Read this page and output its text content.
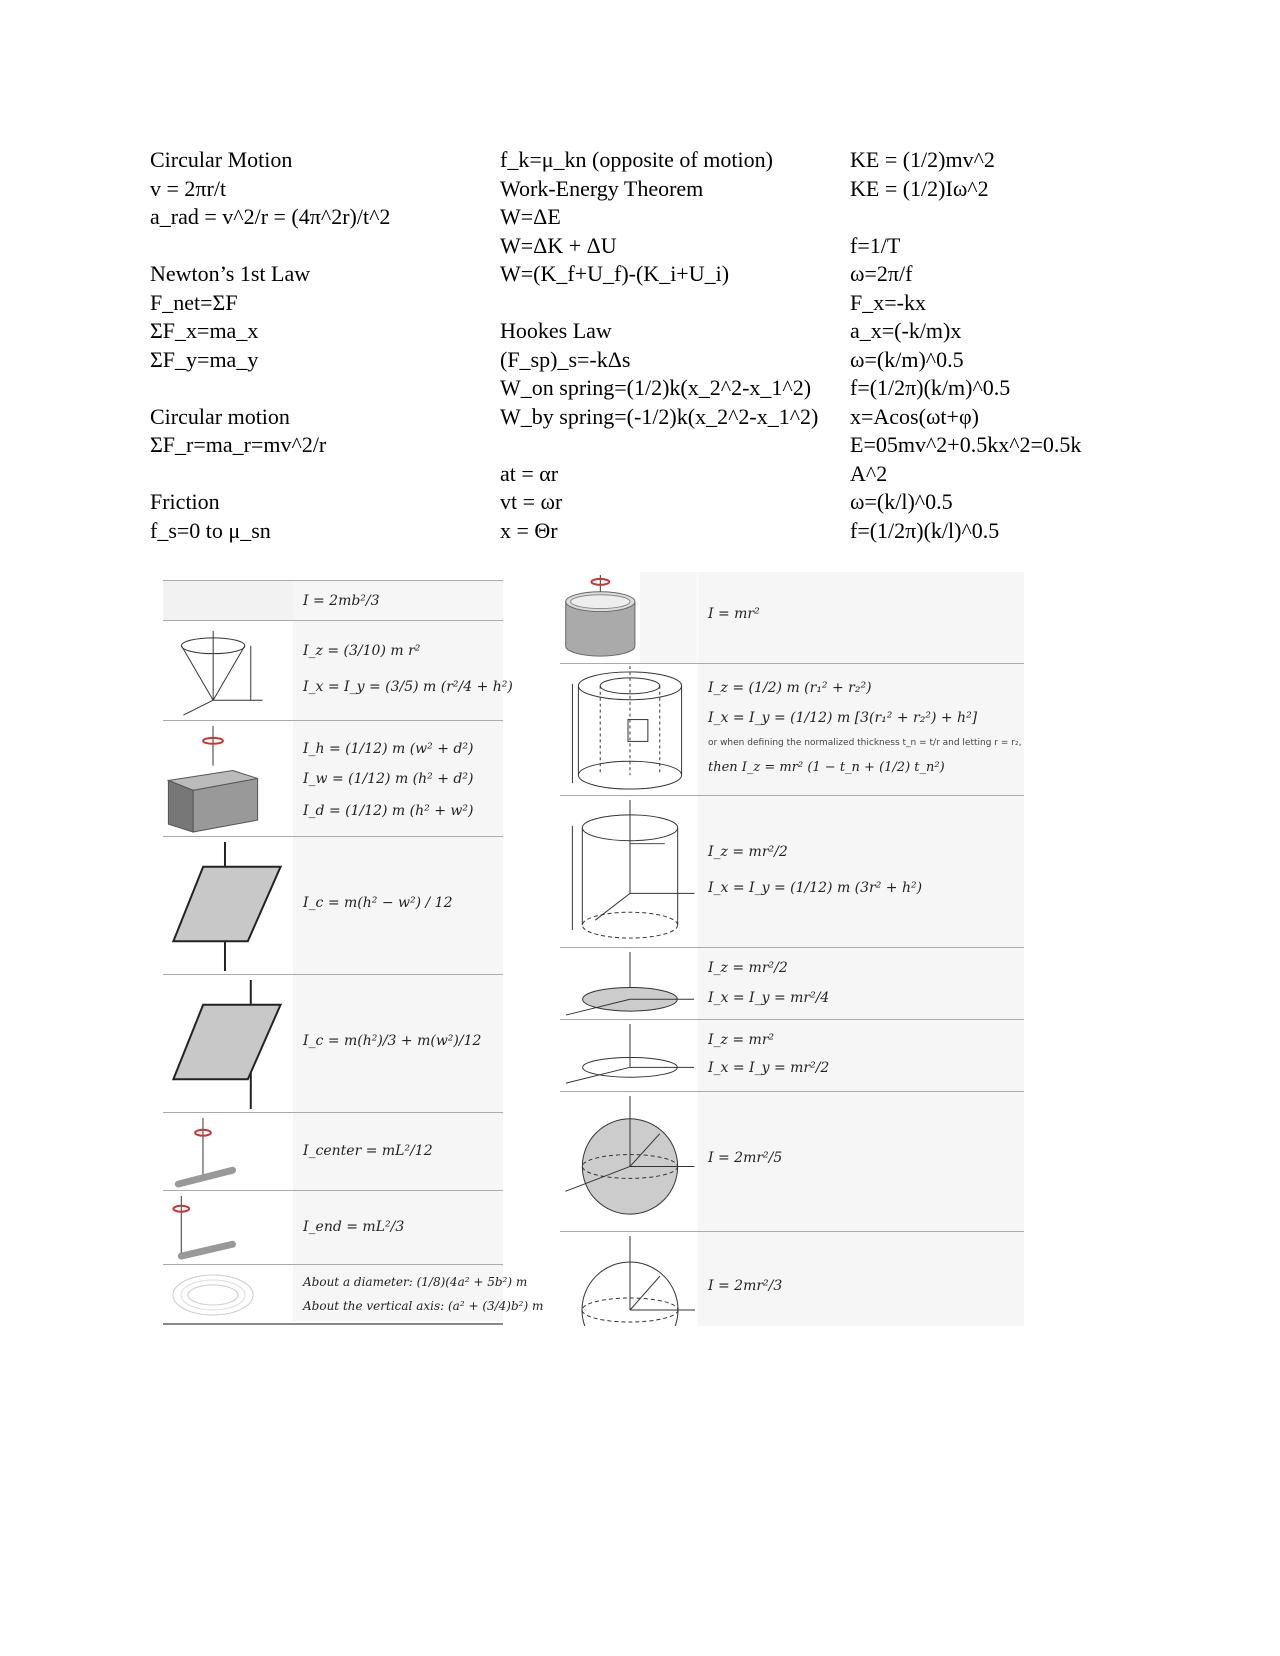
Circular Motion
v = 2πr/t
a_rad = v^2/r = (4π^2r)/t^2
Newton’s 1st Law
F_net=ΣF
ΣF_x=ma_x
ΣF_y=ma_y
Circular motion
ΣF_r=ma_r=mv^2/r
Friction
f_s=0 to μ_sn
f_k=μ_kn (opposite of motion)
Work-Energy Theorem
W=ΔE
W=ΔK + ΔU
W=(K_f+U_f)-(K_i+U_i)
Hookes Law
(F_sp)_s=-kΔs
W_on spring=(1/2)k(x_2^2-x_1^2)
W_by spring=(-1/2)k(x_2^2-x_1^2)
at = αr
vt = ωr
x = Θr
KE = (1/2)mv^2
KE = (1/2)Iω^2
f=1/T
ω=2π/f
F_x=-kx
a_x=(-k/m)x
ω=(k/m)^0.5
f=(1/2π)(k/m)^0.5
x=Acos(ωt+φ)
E=05mv^2+0.5kx^2=0.5k
A^2
ω=(k/l)^0.5
f=(1/2π)(k/l)^0.5
I = 2mb²/3
I_z = (3/10) m r²
I_x = I_y = (3/5) m (r²/4 + h²)
I_h = (1/12) m (w² + d²)
I_w = (1/12) m (h² + d²)
I_d = (1/12) m (h² + w²)
I_c = m(h² − w²) / 12
I_c = m(h²)/3 + m(w²)/12
I_center = mL²/12
I_end = mL²/3
About a diameter: (1/8)(4a² + 5b²) m
About the vertical axis: (a² + (3/4)b²) m
I = mr²
I_z = (1/2) m (r₁² + r₂²)
I_x = I_y = (1/12) m [3(r₁² + r₂²) + h²]
or when defining the normalized thickness t_n = t/r and letting r = r₂,
then I_z = mr² (1 − t_n + (1/2) t_n²)
I_z = mr²/2
I_x = I_y = (1/12) m (3r² + h²)
I_z = mr²/2
I_x = I_y = mr²/4
I_z = mr²
I_x = I_y = mr²/2
I = 2mr²/5
I = 2mr²/3
